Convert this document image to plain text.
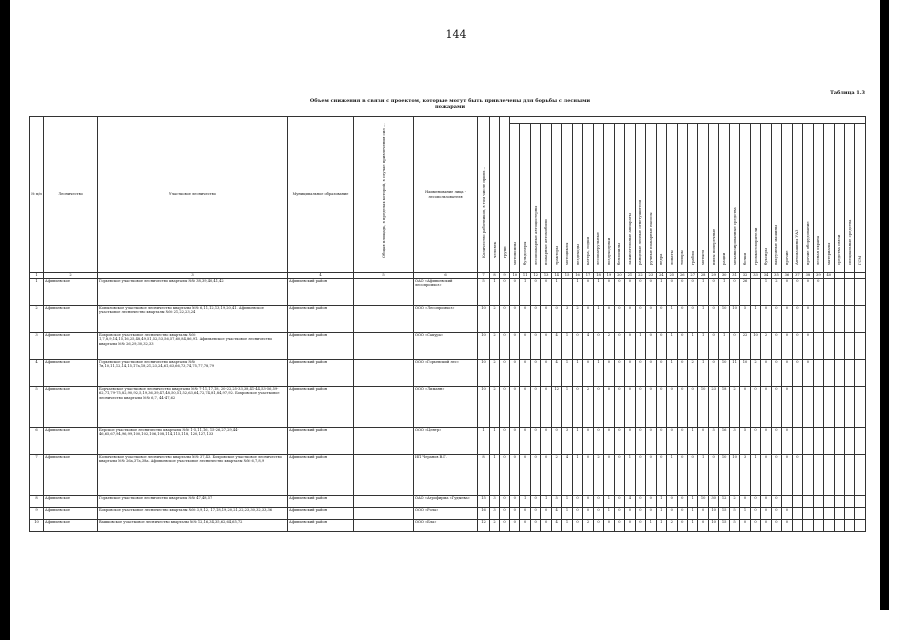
144
Таблица 1.3
Объем снижения в связи с проектом, которые могут быть привлечены для борьбы с лесными пожарами
№ п/п	Лесничество	Участковое лесничество	Муниципальное образование	Общая площадь, в пределах которой, в случае привлечения сил …	Наименование лица - лесопользователя	Количество работников, в том числе привл…	человек	групп																																		

									мотопомпы	бульдозеры	лесопожарные автоцистерны	пожарные автомобили	тракторы	мотоциклы	вездеходы	катера, лодки	лесопатрульные	воздуходувки	бензопилы	зажигательные аппараты	ранцевые лесные огнетушители	ручные пожарные насосы	ведра	лопаты	топоры	грабли	мотыги	пилы поперечные	рации	механизированные средства	бочки	громкоговорители	буксиры	вакуумные машины	прочие	Автомашины УАЗ	прочие оборудование	лесная охрана	материалы	средства связи	специальные средства	ГСМ

1	2	3	4	5	6	7	8	9	10	11	12	13	14	15	16	17	18	19	20	21	22	23	24	25	26	27	28	29	30	31	32	33	34	35	36	37	38	39	40			
1	Афипьевское	Горьевское участковое лесничество кварталы №№ 38,39,40,41,42	Афипьевский район		ОАО «Афипьевский лесопромхоз»	5	1	0	0	1	0	0	1		1	0	1	0	0	0	0	0	1	0	0	0	1	0	1	0	26		1	2	0	0	0	0				
2	Афипьевское	Копыловское участковое лесничество кварталы №№ 6,11,12,13,19,20,41. Афипьевское участковое лесничество кварталы №№ 21,22,23,24	Афипьевский район		ООО «Лесопромхоз»	10	2	0	0	0	0	0	0	3	2	0	1	0	0	0	0	0	0	1	0	0	1	0	10	10	5	1	0	0	0	0	0					
3	Афипьевское	Бохровское участковое лесничество кварталы №№ 1,7,8,9,14,15,16,25,48,49,51,52,53,56,57,60,84,86,91. Афипьевское участковое лесничество кварталы №№ 26,29,30,32,33	Афипьевский район		ООО «Сакура»	10	2	0	0	0	0	0	4	1	0	4	0	2	0	0	1	0	0	1	0	1	1	0	1	0	22	10	2	0	0	0	0					
4	Афипьевское	Горьевское участковое лесничество кварталы №№ 7в,10,11,12,14,15,17а,18,21,23,24,61,63,66,73,74,75,77,78,79	Афипьевский район		ООО «Горьевский лес»	10	2	0	0	0	0	0	4	1	1	0	1	0	0	0	0	0	0	1	0	2	1	0	10	11	10	2	0	0	0	0	0					
5	Афипьевское	Борчаевское участковое лесничество кварталы №№ 7-11,17,18, 20-22,25-33,38,41-44,53-56,59-62,71,79-75,82,90,92,5,19,36,39,47,48,50,51,52,63,64,72,74,81,84,97,92. Бохровское участковое лесничество кварталы №№ 6,7, 44-47,62	Афипьевский район		ООО «Лиманн»	10	2	0	0	0	0	0	12	1	0	2	0	0	0	0	0	0	0	0	0	0	10	23	18	2	0	0	0	0	0							
6	Афипьевское	Берское участковое лесничество кварталы №№ 1-5,11,16, 15-26,27,29,44-46,65,67,94,96,99,100,102,106,108,114,115,118, 120,127,133	Афипьевский район		ООО «Центр»	1	1	0	0	0	0	0	0	3	1	0	0	0	0	0	0	0	0	0	0	1	0	5	16	3	5	0	0	0	0							
7	Афипьевское	Колычевское участковое лесничество кварталы №№ 37,43. Бохровское участковое лесничество кварталы №№ 26а,37а,38а. Афипьевское участковое лесничество кварталы №№ 6,7,8,9	Афипьевский район		ИП Черанов В.Г.	8	1	0	0	0	0	0	2	4	1	0	2	0	0	1	0	0	0	1	0	0	1	0	10	10	3	1	0	0	0	0						
8	Афипьевское	Горьевское участковое лесничество кварталы №№ 47,48,57	Афипьевский район		ОАО «Агрофирма «Гудыева»	15	3	0	0	1	0	1	5	1	0	0	0	1	0	4	0	0	1	0	0	1	10	30	12	2	0	0	0	0								
9	Афипьевское	Бохровское участковое лесничество кварталы №№ 3,9,12, 17,18,19,20,21,22,23,30,32,33,36	Афипьевский район		ООО «Рола»	16	3	0	0	0	0	0	4	1	0	0	0	1	0	0	0	0	1	0	0	1	0	10	15	5	1	0	0	0	0							
10	Афипьевское	Вашковское участковое лесничество кварталы №№ 12,16,34,35,62,64,65,72	Афипьевский район		ООО «Бла»	12	2	0	0	0	0	0	4	1	0	2	0	0	0	0	0	1	1	2	0	1	0	10	15	5	0	0	0	0	0							
